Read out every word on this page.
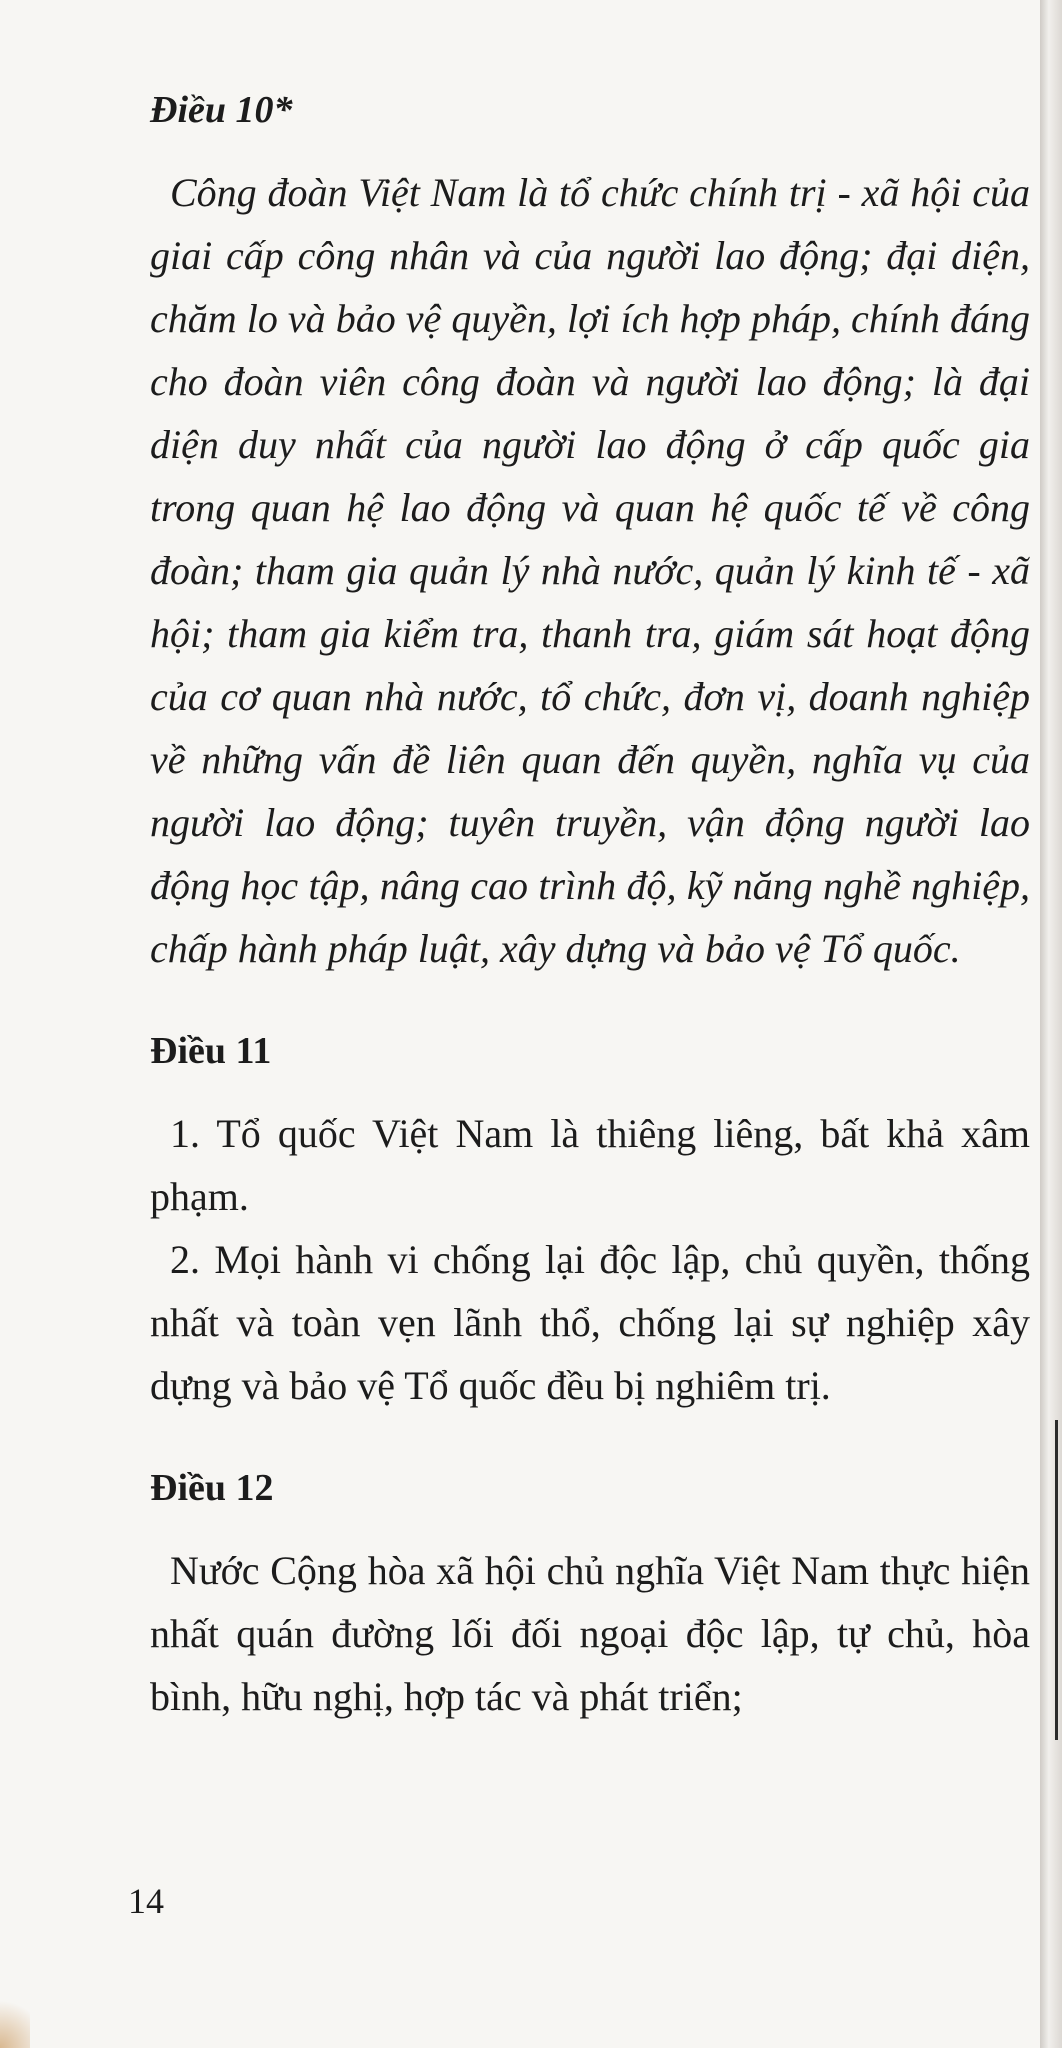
Điều 10*

Công đoàn Việt Nam là tổ chức chính trị - xã hội của giai cấp công nhân và của người lao động; đại diện, chăm lo và bảo vệ quyền, lợi ích hợp pháp, chính đáng cho đoàn viên công đoàn và người lao động; là đại diện duy nhất của người lao động ở cấp quốc gia trong quan hệ lao động và quan hệ quốc tế về công đoàn; tham gia quản lý nhà nước, quản lý kinh tế - xã hội; tham gia kiểm tra, thanh tra, giám sát hoạt động của cơ quan nhà nước, tổ chức, đơn vị, doanh nghiệp về những vấn đề liên quan đến quyền, nghĩa vụ của người lao động; tuyên truyền, vận động người lao động học tập, nâng cao trình độ, kỹ năng nghề nghiệp, chấp hành pháp luật, xây dựng và bảo vệ Tổ quốc.

Điều 11

1. Tổ quốc Việt Nam là thiêng liêng, bất khả xâm phạm.

2. Mọi hành vi chống lại độc lập, chủ quyền, thống nhất và toàn vẹn lãnh thổ, chống lại sự nghiệp xây dựng và bảo vệ Tổ quốc đều bị nghiêm trị.

Điều 12

Nước Cộng hòa xã hội chủ nghĩa Việt Nam thực hiện nhất quán đường lối đối ngoại độc lập, tự chủ, hòa bình, hữu nghị, hợp tác và phát triển;

14
